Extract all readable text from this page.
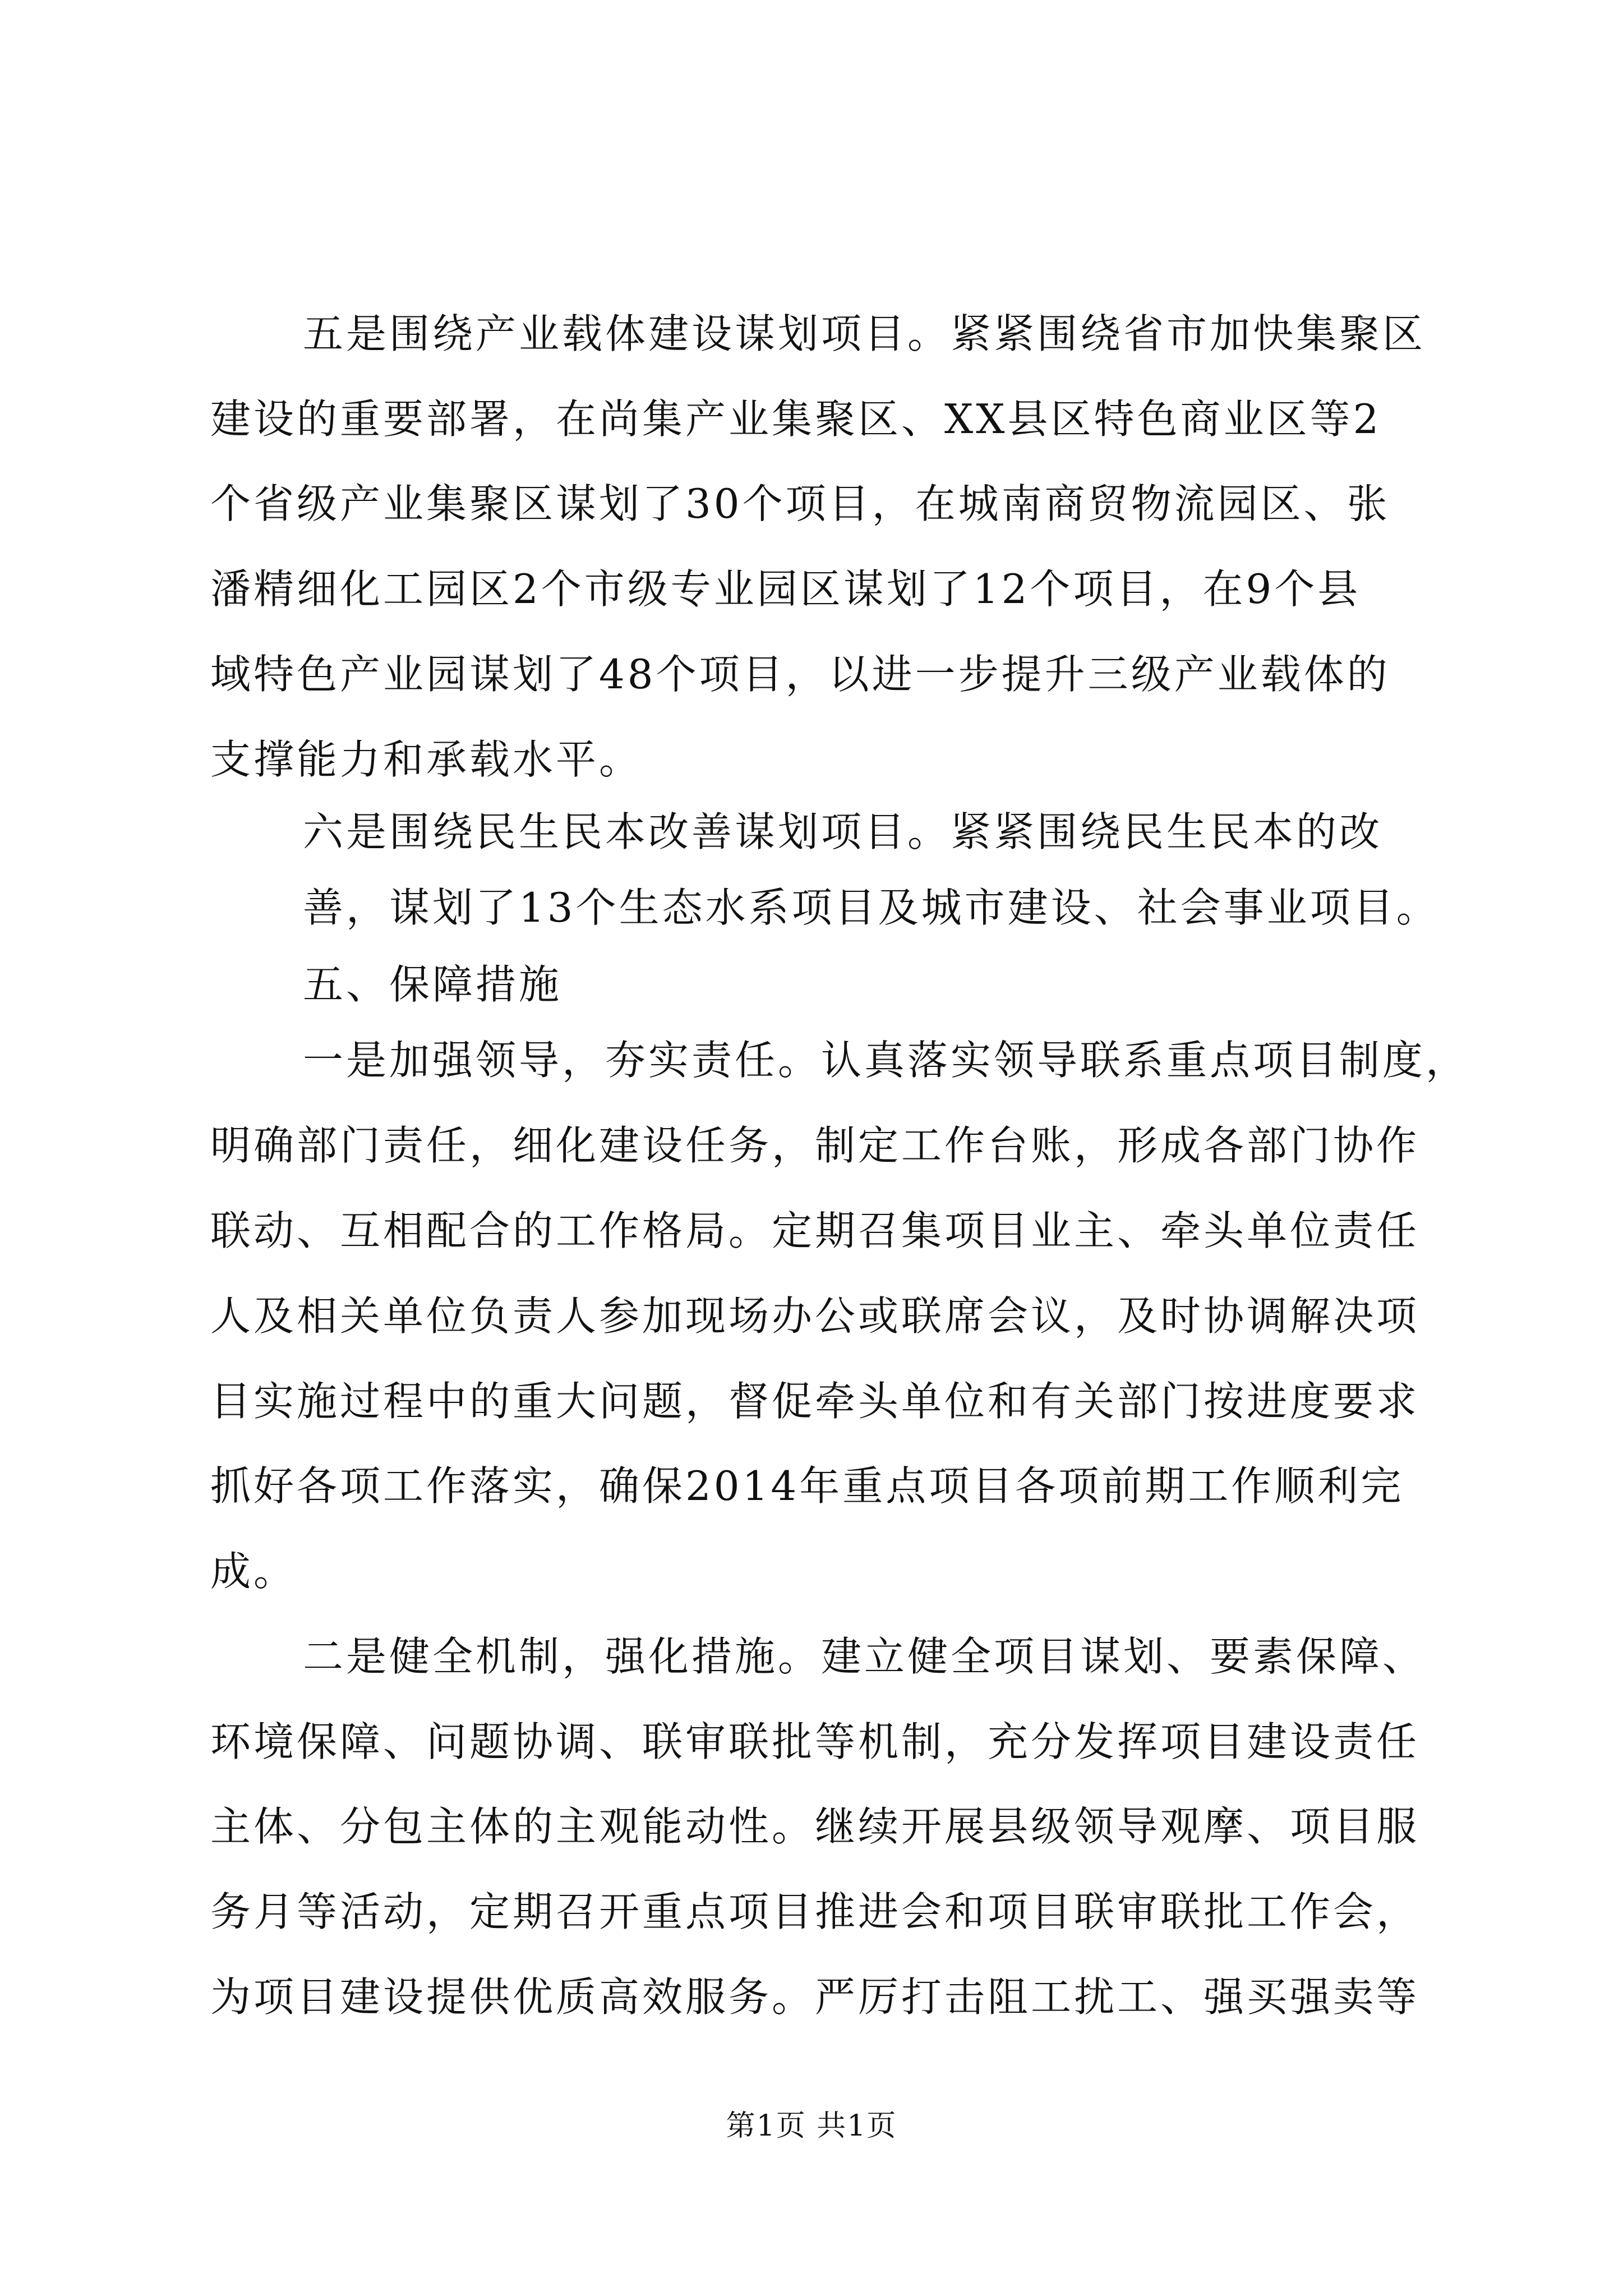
五是围绕产业载体建设谋划项目。紧紧围绕省市加快集聚区
建设的重要部署，在尚集产业集聚区、XX县区特色商业区等2
个省级产业集聚区谋划了30个项目，在城南商贸物流园区、张
潘精细化工园区2个市级专业园区谋划了12个项目，在9个县
域特色产业园谋划了48个项目，以进一步提升三级产业载体的
支撑能力和承载水平。
六是围绕民生民本改善谋划项目。紧紧围绕民生民本的改
善，谋划了13个生态水系项目及城市建设、社会事业项目。
五、保障措施
一是加强领导，夯实责任。认真落实领导联系重点项目制度，
明确部门责任，细化建设任务，制定工作台账，形成各部门协作
联动、互相配合的工作格局。定期召集项目业主、牵头单位责任
人及相关单位负责人参加现场办公或联席会议，及时协调解决项
目实施过程中的重大问题，督促牵头单位和有关部门按进度要求
抓好各项工作落实，确保2014年重点项目各项前期工作顺利完
成。
二是健全机制，强化措施。建立健全项目谋划、要素保障、
环境保障、问题协调、联审联批等机制，充分发挥项目建设责任
主体、分包主体的主观能动性。继续开展县级领导观摩、项目服
务月等活动，定期召开重点项目推进会和项目联审联批工作会，
为项目建设提供优质高效服务。严厉打击阻工扰工、强买强卖等
第1页 共1页
